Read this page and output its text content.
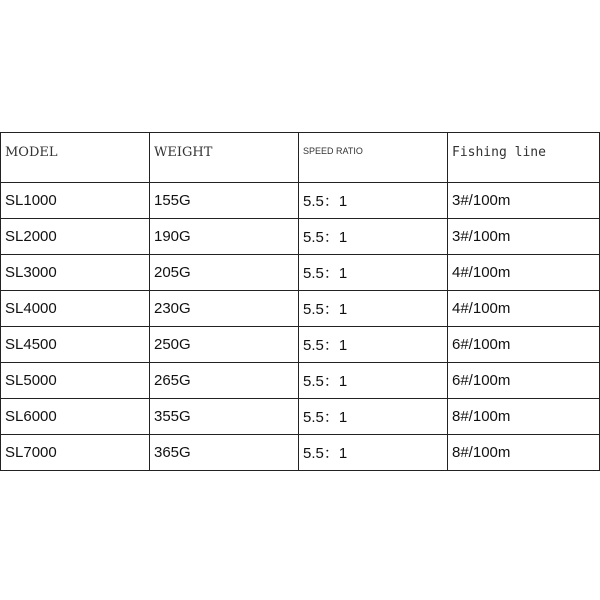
MODEL	WEIGHT	SPEED RATIO	Fishing line
SL1000	155G	5.5：1	3#/100m
SL2000	190G	5.5：1	3#/100m
SL3000	205G	5.5：1	4#/100m
SL4000	230G	5.5：1	4#/100m
SL4500	250G	5.5：1	6#/100m
SL5000	265G	5.5：1	6#/100m
SL6000	355G	5.5：1	8#/100m
SL7000	365G	5.5：1	8#/100m
